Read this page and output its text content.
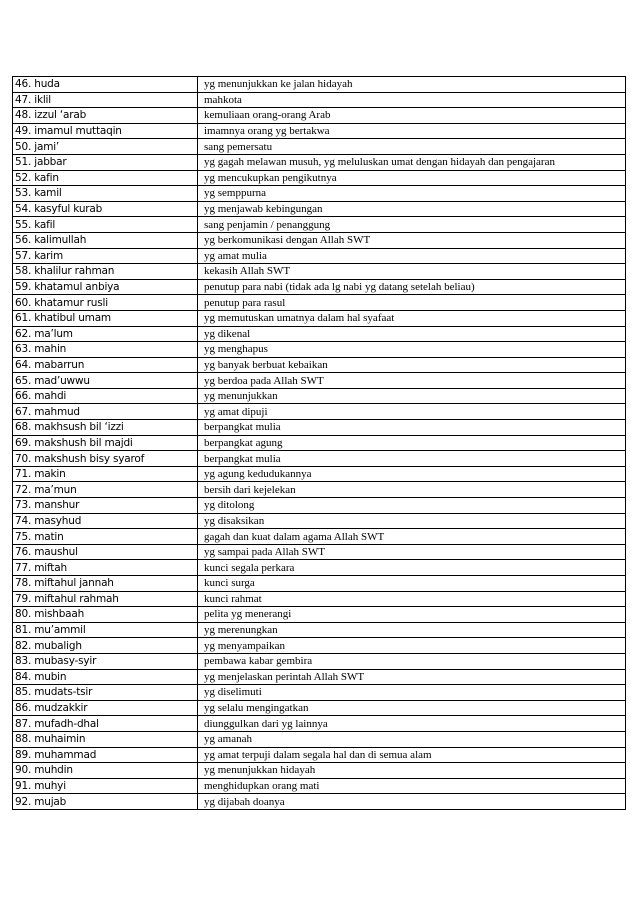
46. huda	yg menunjukkan ke jalan hidayah
47. iklil	mahkota
48. izzul ‘arab	kemuliaan orang-orang Arab
49. imamul muttaqin	imamnya orang yg bertakwa
50. jami’	sang pemersatu
51. jabbar	yg gagah melawan musuh, yg meluluskan umat dengan hidayah dan pengajaran
52. kafin	yg mencukupkan pengikutnya
53. kamil	yg semppurna
54. kasyful kurab	yg menjawab kebingungan
55. kafil	sang penjamin / penanggung
56. kalimullah	yg berkomunikasi dengan Allah SWT
57. karim	yg amat mulia
58. khalilur rahman	kekasih Allah SWT
59. khatamul anbiya	penutup para nabi (tidak ada lg nabi yg datang setelah beliau)
60. khatamur rusli	penutup para rasul
61. khatibul umam	yg memutuskan umatnya dalam hal syafaat
62. ma’lum	yg dikenal
63. mahin	yg menghapus
64. mabarrun	yg banyak berbuat kebaikan
65. mad’uwwu	yg berdoa pada Allah SWT
66. mahdi	yg menunjukkan
67. mahmud	yg amat dipuji
68. makhsush bil ‘izzi	berpangkat mulia
69. makshush bil majdi	berpangkat agung
70. makshush bisy syarof	berpangkat mulia
71. makin	yg agung kedudukannya
72. ma’mun	bersih dari kejelekan
73. manshur	yg ditolong
74. masyhud	yg disaksikan
75. matin	gagah dan kuat dalam agama Allah SWT
76. maushul	yg sampai pada Allah SWT
77. miftah	kunci segala perkara
78. miftahul jannah	kunci surga
79. miftahul rahmah	kunci rahmat
80. mishbaah	pelita yg menerangi
81. mu’ammil	yg merenungkan
82. mubaligh	yg menyampaikan
83. mubasy-syir	pembawa kabar gembira
84. mubin	yg menjelaskan perintah Allah SWT
85. mudats-tsir	yg diselimuti
86. mudzakkir	yg selalu mengingatkan
87. mufadh-dhal	diunggulkan dari yg lainnya
88. muhaimin	yg amanah
89. muhammad	yg amat terpuji dalam segala hal dan di semua alam
90. muhdin	yg menunjukkan hidayah
91. muhyi	menghidupkan orang mati
92. mujab	yg dijabah doanya
